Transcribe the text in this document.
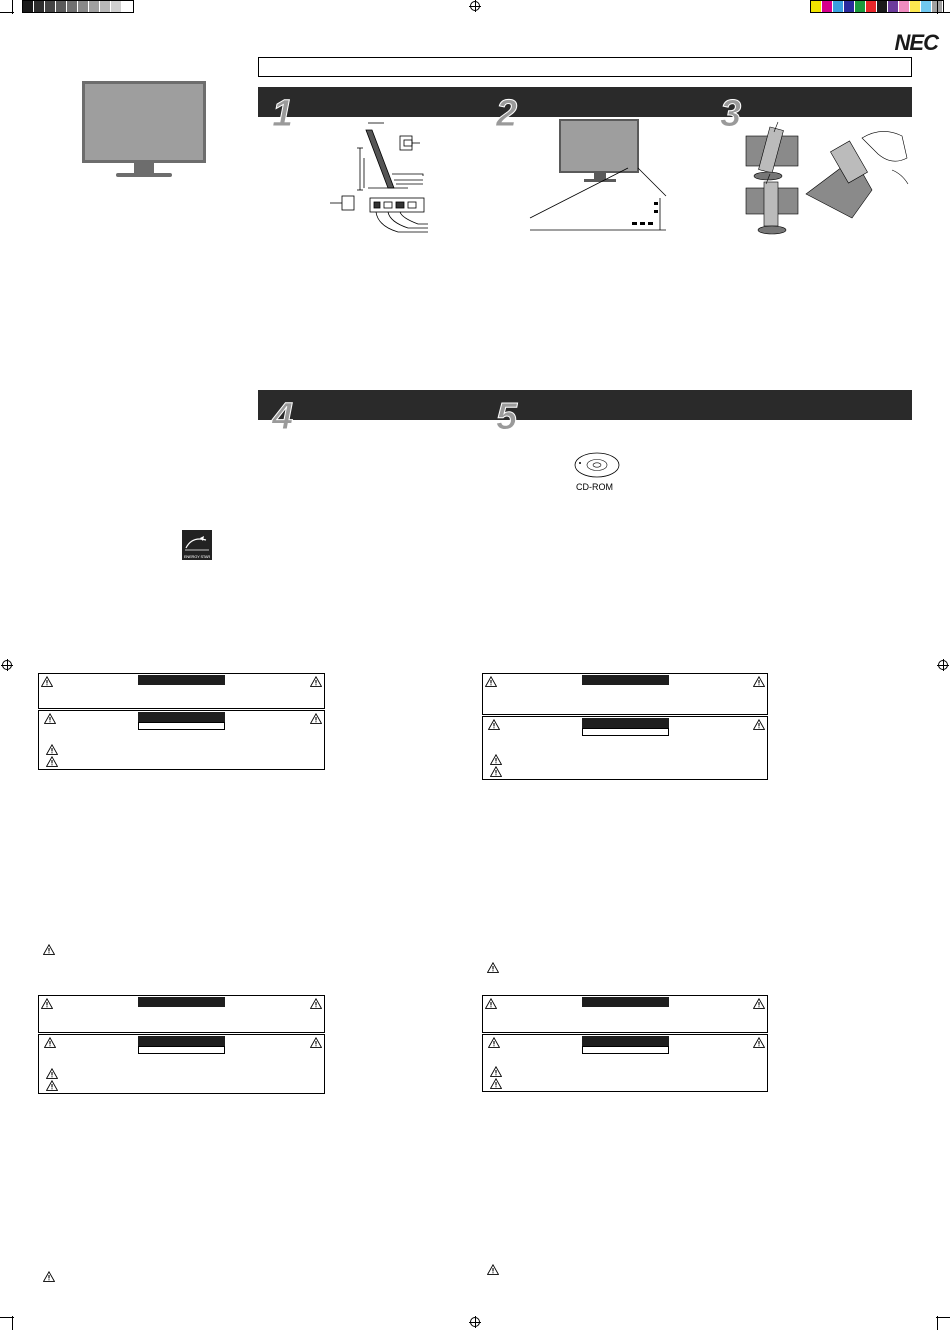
NEC
1	2	3
4	5
CD-ROM
ENERGY STAR
